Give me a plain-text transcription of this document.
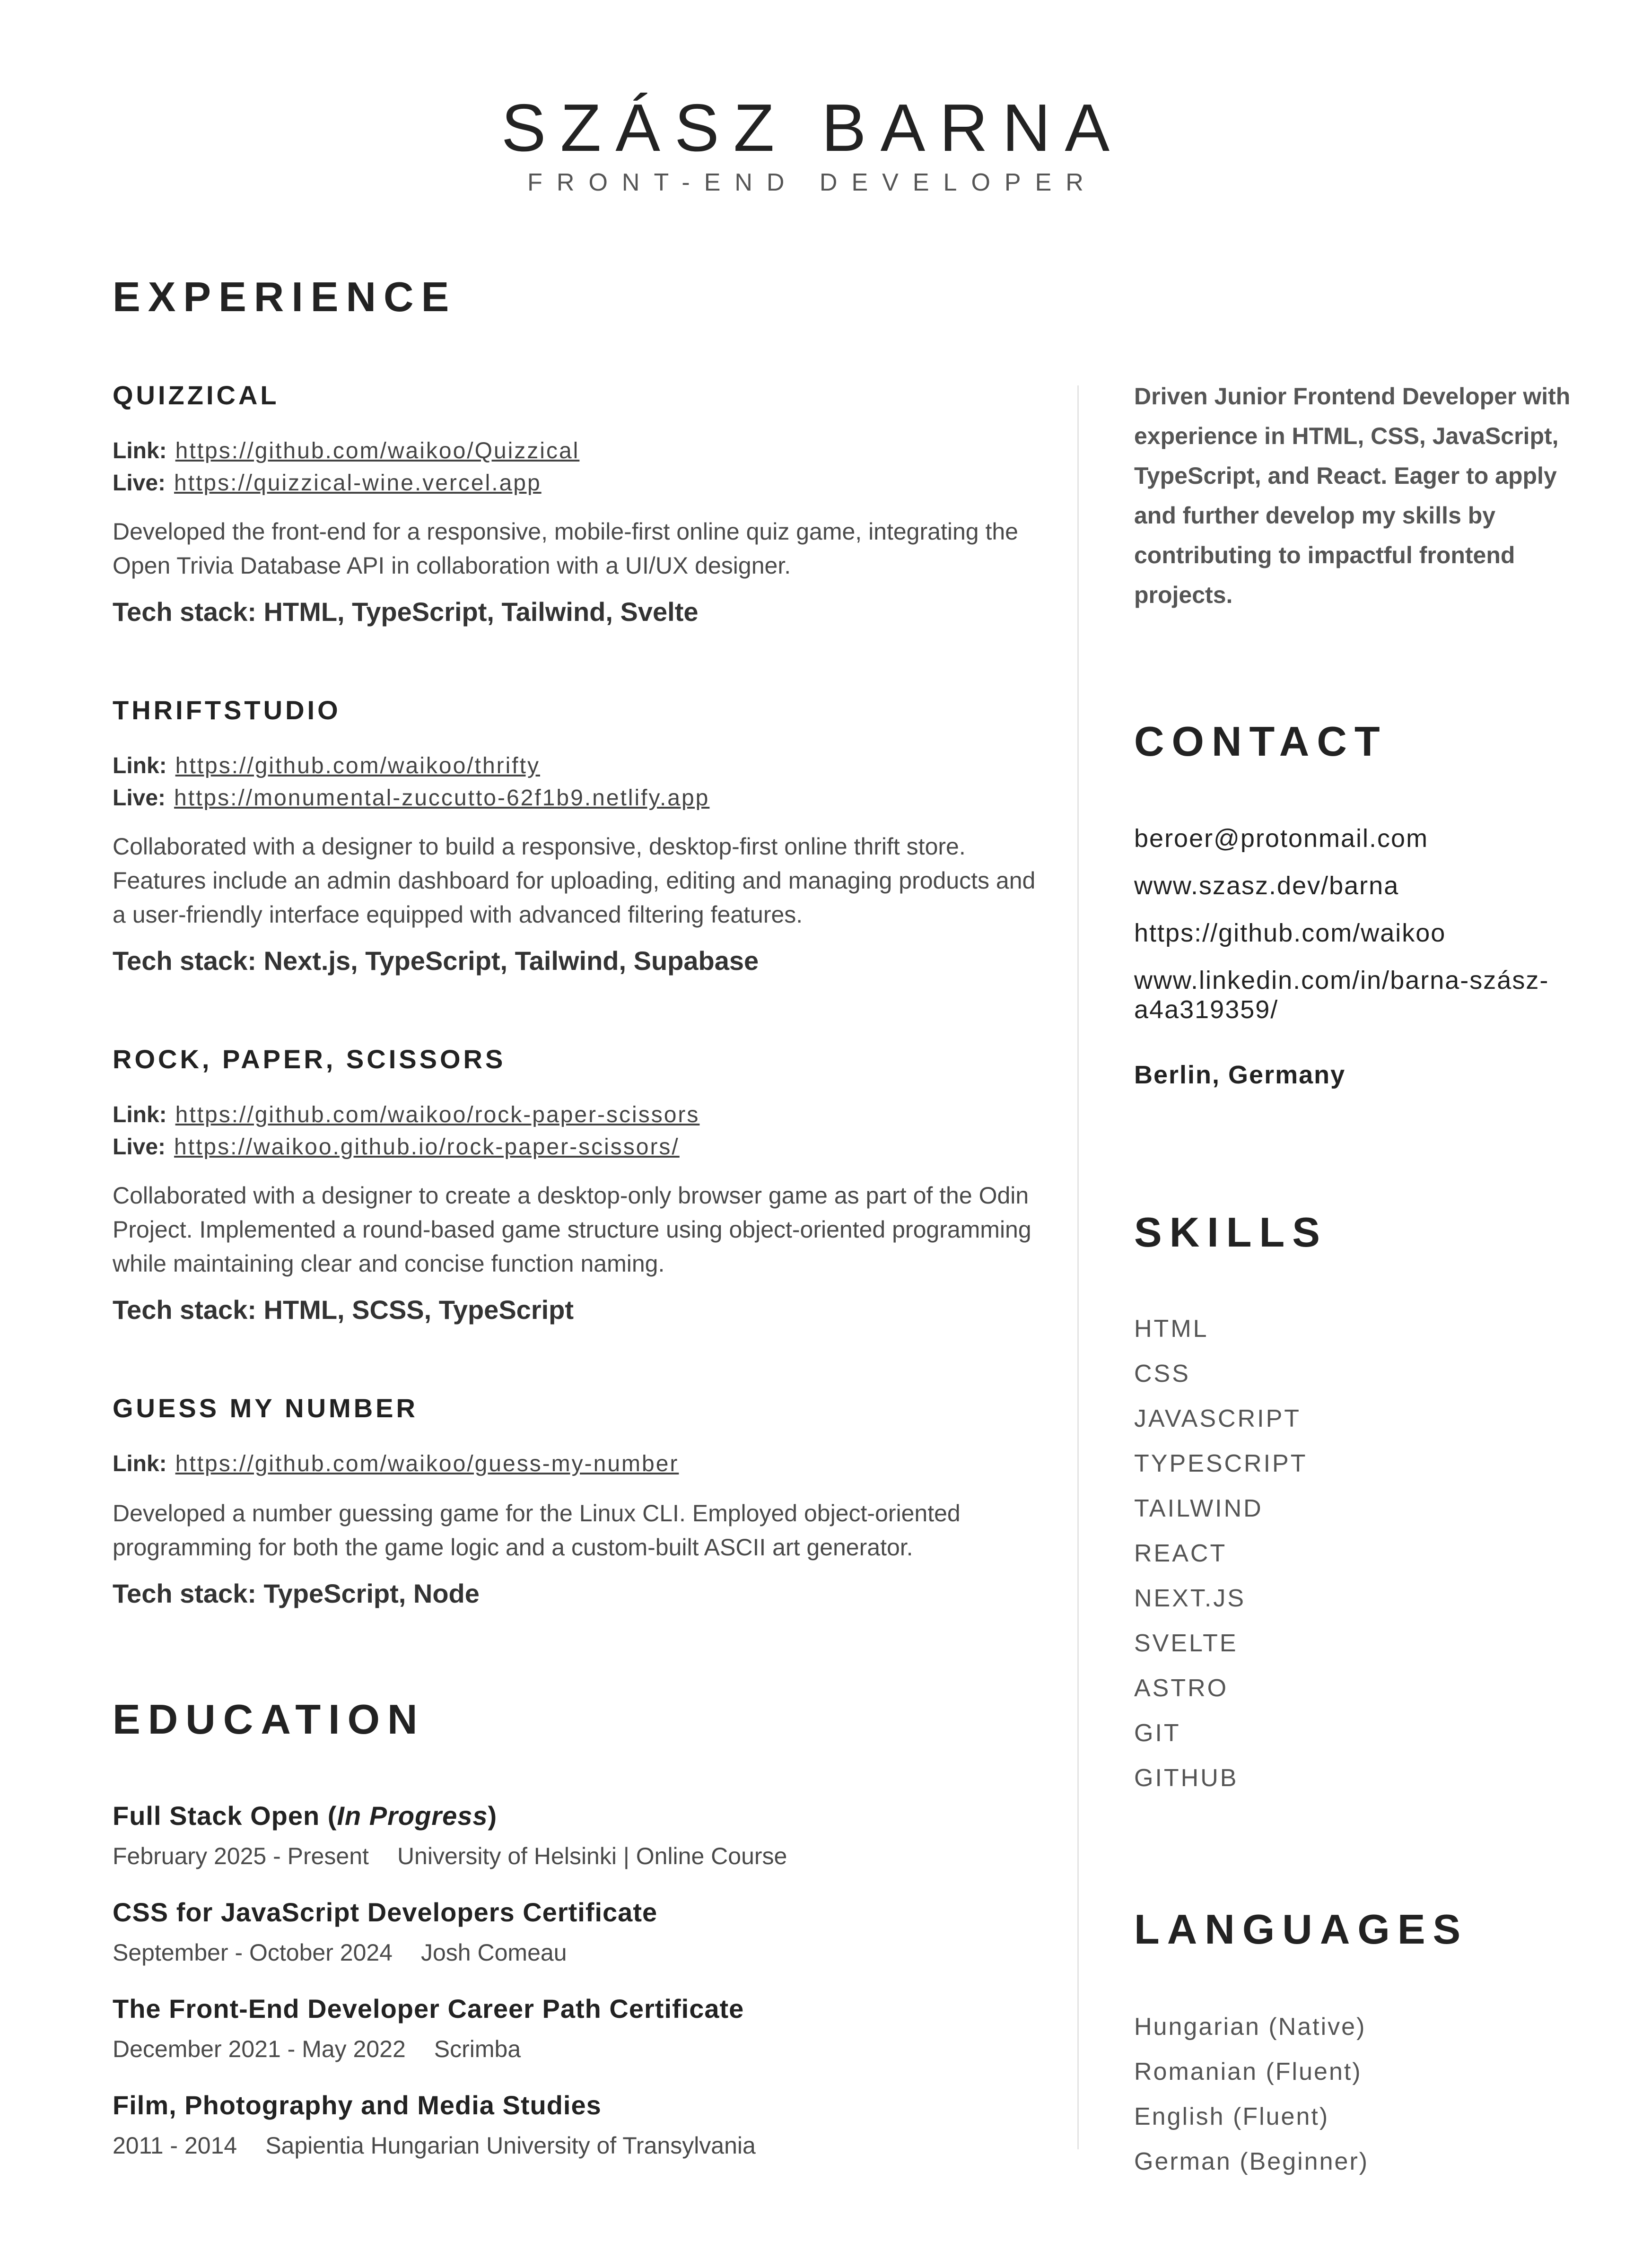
SZÁSZ BARNA
FRONT-END DEVELOPER
EXPERIENCE
QUIZZICAL
Link: https://github.com/waikoo/Quizzical
Live: https://quizzical-wine.vercel.app
Developed the front-end for a responsive, mobile-first online quiz game, integrating the Open Trivia Database API in collaboration with a UI/UX designer.
Tech stack: HTML, TypeScript, Tailwind, Svelte
THRIFTSTUDIO
Link: https://github.com/waikoo/thrifty
Live: https://monumental-zuccutto-62f1b9.netlify.app
Collaborated with a designer to build a responsive, desktop-first online thrift store. Features include an admin dashboard for uploading, editing and managing products and a user-friendly interface equipped with advanced filtering features.
Tech stack: Next.js, TypeScript, Tailwind, Supabase
ROCK, PAPER, SCISSORS
Link: https://github.com/waikoo/rock-paper-scissors
Live: https://waikoo.github.io/rock-paper-scissors/
Collaborated with a designer to create a desktop-only browser game as part of the Odin Project. Implemented a round-based game structure using object-oriented programming while maintaining clear and concise function naming.
Tech stack: HTML, SCSS, TypeScript
GUESS MY NUMBER
Link: https://github.com/waikoo/guess-my-number
Developed a number guessing game for the Linux CLI. Employed object-oriented programming for both the game logic and a custom-built ASCII art generator.
Tech stack: TypeScript, Node
EDUCATION
Full Stack Open (In Progress)
February 2025 - Present University of Helsinki | Online Course
CSS for JavaScript Developers Certificate
September - October 2024 Josh Comeau
The Front-End Developer Career Path Certificate
December 2021 - May 2022 Scrimba
Film, Photography and Media Studies
2011 - 2014 Sapientia Hungarian University of Transylvania
Driven Junior Frontend Developer with experience in HTML, CSS, JavaScript, TypeScript, and React. Eager to apply and further develop my skills by contributing to impactful frontend projects.
CONTACT
beroer@protonmail.com
www.szasz.dev/barna
https://github.com/waikoo
www.linkedin.com/in/barna-szász-a4a319359/
Berlin, Germany
SKILLS
HTML
CSS
JAVASCRIPT
TYPESCRIPT
TAILWIND
REACT
NEXT.JS
SVELTE
ASTRO
GIT
GITHUB
LANGUAGES
Hungarian (Native)
Romanian (Fluent)
English (Fluent)
German (Beginner)
